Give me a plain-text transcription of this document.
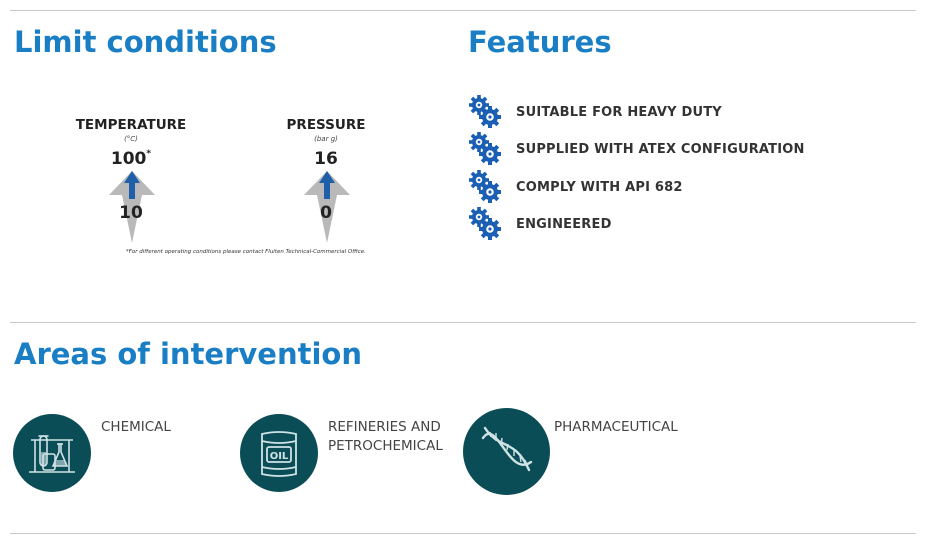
Limit conditions	Features
Areas of intervention
TEMPERATURE
(°C)
100*
10
PRESSURE
(bar g)
16
0
*For different operating conditions please contact Fluiten Technical-Commercial Office.
SUITABLE FOR HEAVY DUTY
SUPPLIED WITH ATEX CONFIGURATION
COMPLY WITH API 682
ENGINEERED
CHEMICAL
OIL
REFINERIES AND
PETROCHEMICAL
PHARMACEUTICAL
